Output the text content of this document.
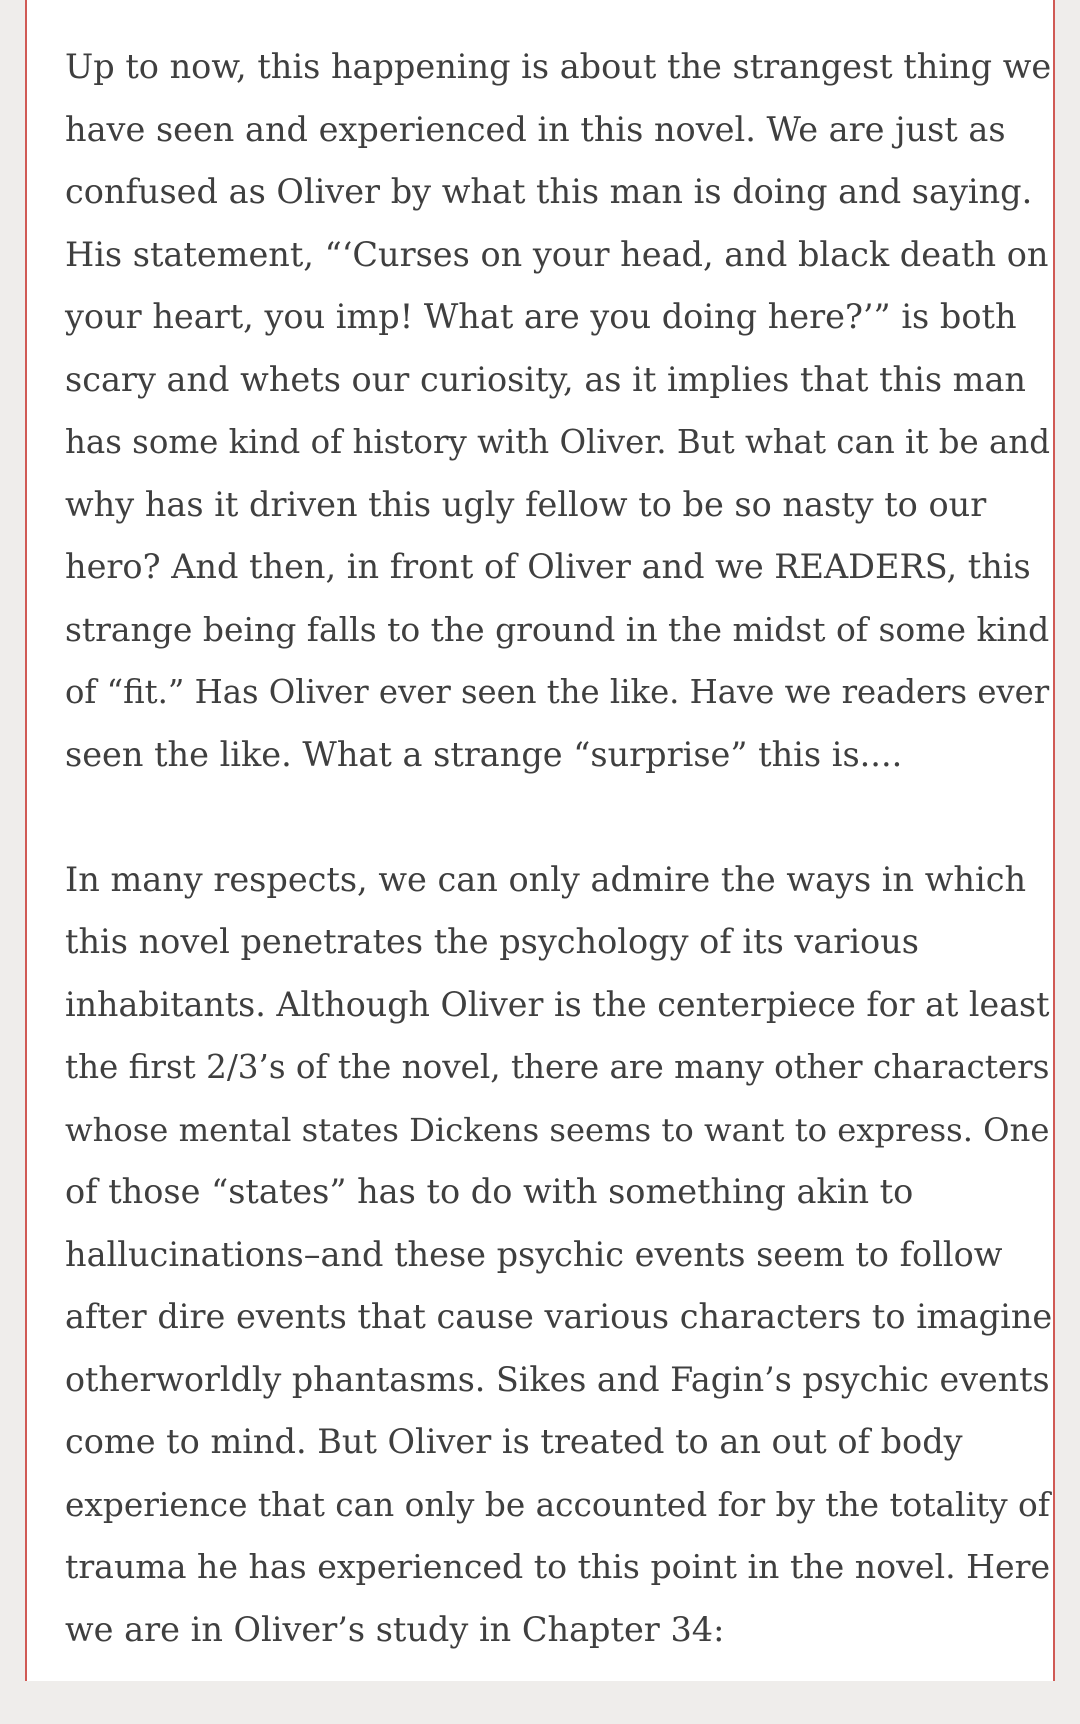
Up to now, this happening is about the strangest thing we
have seen and experienced in this novel. We are just as
confused as Oliver by what this man is doing and saying.
His statement, “‘Curses on your head, and black death on
your heart, you imp! What are you doing here?’” is both
scary and whets our curiosity, as it implies that this man
has some kind of history with Oliver. But what can it be and
why has it driven this ugly fellow to be so nasty to our
hero? And then, in front of Oliver and we READERS, this
strange being falls to the ground in the midst of some kind
of “fit.” Has Oliver ever seen the like. Have we readers ever
seen the like. What a strange “surprise” this is....
In many respects, we can only admire the ways in which
this novel penetrates the psychology of its various
inhabitants. Although Oliver is the centerpiece for at least
the first 2/3’s of the novel, there are many other characters
whose mental states Dickens seems to want to express. One
of those “states” has to do with something akin to
hallucinations–and these psychic events seem to follow
after dire events that cause various characters to imagine
otherworldly phantasms. Sikes and Fagin’s psychic events
come to mind. But Oliver is treated to an out of body
experience that can only be accounted for by the totality of
trauma he has experienced to this point in the novel. Here
we are in Oliver’s study in Chapter 34:
